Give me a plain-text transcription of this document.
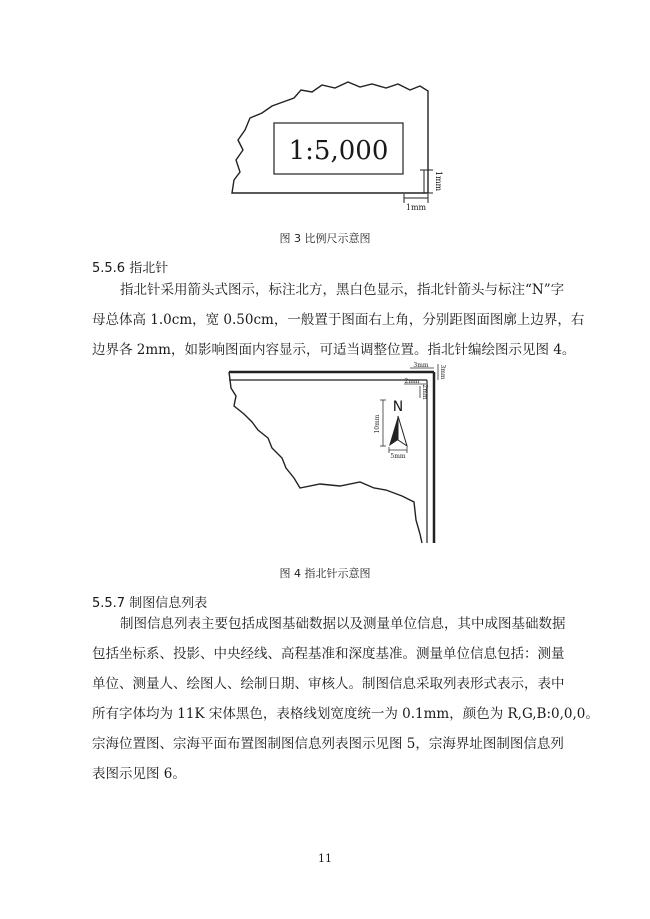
1:5,000
1mm
1mm
图 3 比例尺示意图
5.5.6 指北针
指北针采用箭头式图示，标注北方，黑白色显示，指北针箭头与标注“N”字
母总体高 1.0cm，宽 0.50cm，一般置于图面右上角，分别距图面图廓上边界，右
边界各 2mm，如影响图面内容显示，可适当调整位置。指北针编绘图示见图 4。
3mm 3mm
2mm
2mm
N
10mm
5mm
图 4 指北针示意图
5.5.7 制图信息列表
制图信息列表主要包括成图基础数据以及测量单位信息，其中成图基础数据
包括坐标系、投影、中央经线、高程基准和深度基准。测量单位信息包括：测量
单位、测量人、绘图人、绘制日期、审核人。制图信息采取列表形式表示，表中
所有字体均为 11K 宋体黑色，表格线划宽度统一为 0.1mm，颜色为 R,G,B:0,0,0。
宗海位置图、宗海平面布置图制图信息列表图示见图 5，宗海界址图制图信息列
表图示见图 6。
11
